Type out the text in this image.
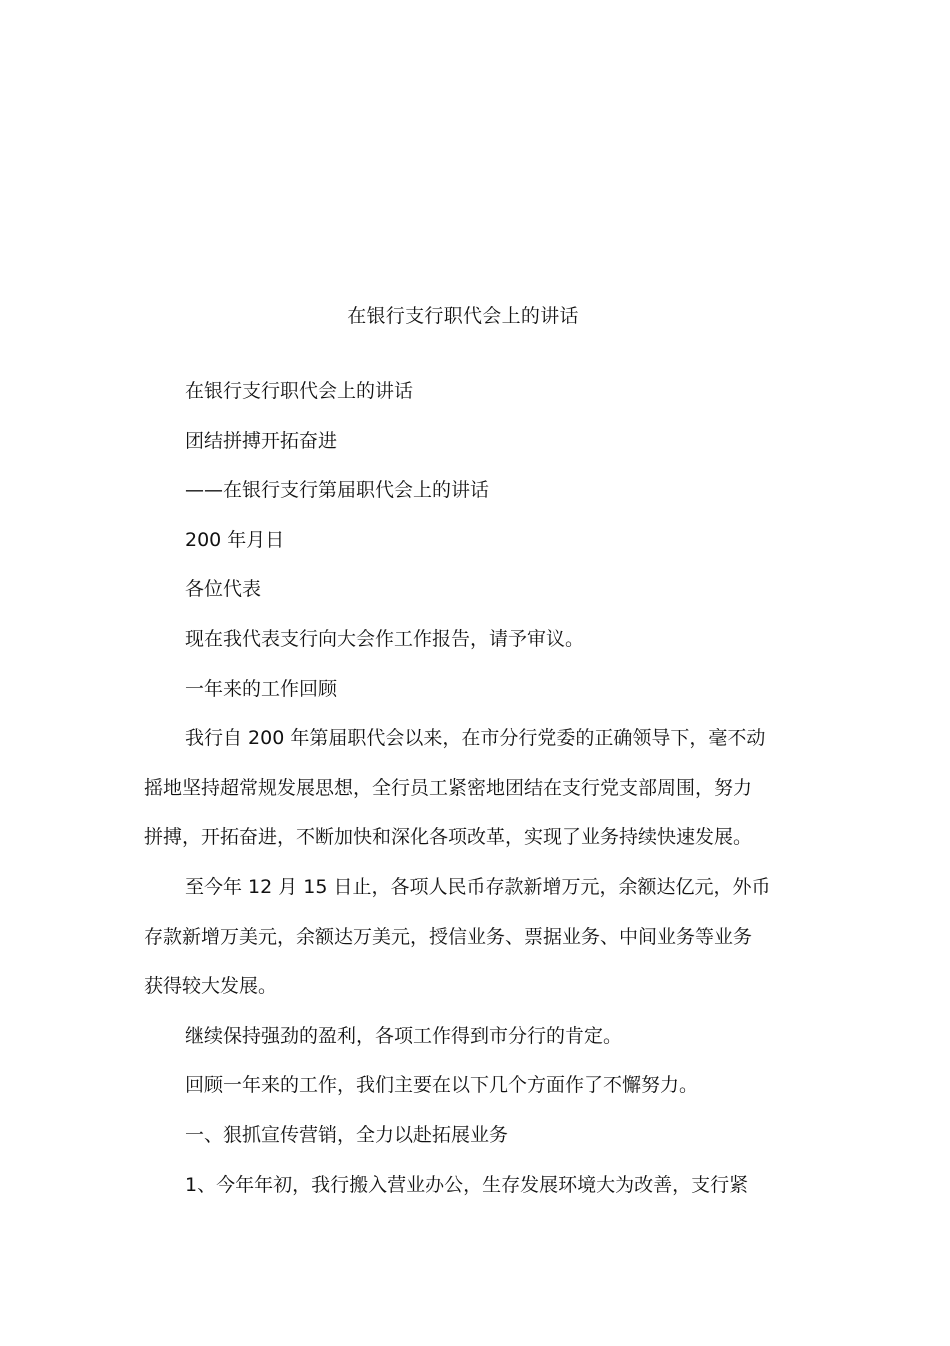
在银行支行职代会上的讲话

在银行支行职代会上的讲话

团结拼搏开拓奋进

——在银行支行第届职代会上的讲话

200 年月日

各位代表

现在我代表支行向大会作工作报告，请予审议。

一年来的工作回顾

我行自 200 年第届职代会以来，在市分行党委的正确领导下，毫不动
摇地坚持超常规发展思想，全行员工紧密地团结在支行党支部周围，努力
拼搏，开拓奋进，不断加快和深化各项改革，实现了业务持续快速发展。

至今年 12 月 15 日止，各项人民币存款新增万元，余额达亿元，外币
存款新增万美元，余额达万美元，授信业务、票据业务、中间业务等业务
获得较大发展。

继续保持强劲的盈利，各项工作得到市分行的肯定。

回顾一年来的工作，我们主要在以下几个方面作了不懈努力。

一、狠抓宣传营销，全力以赴拓展业务

1、今年年初，我行搬入营业办公，生存发展环境大为改善，支行紧
